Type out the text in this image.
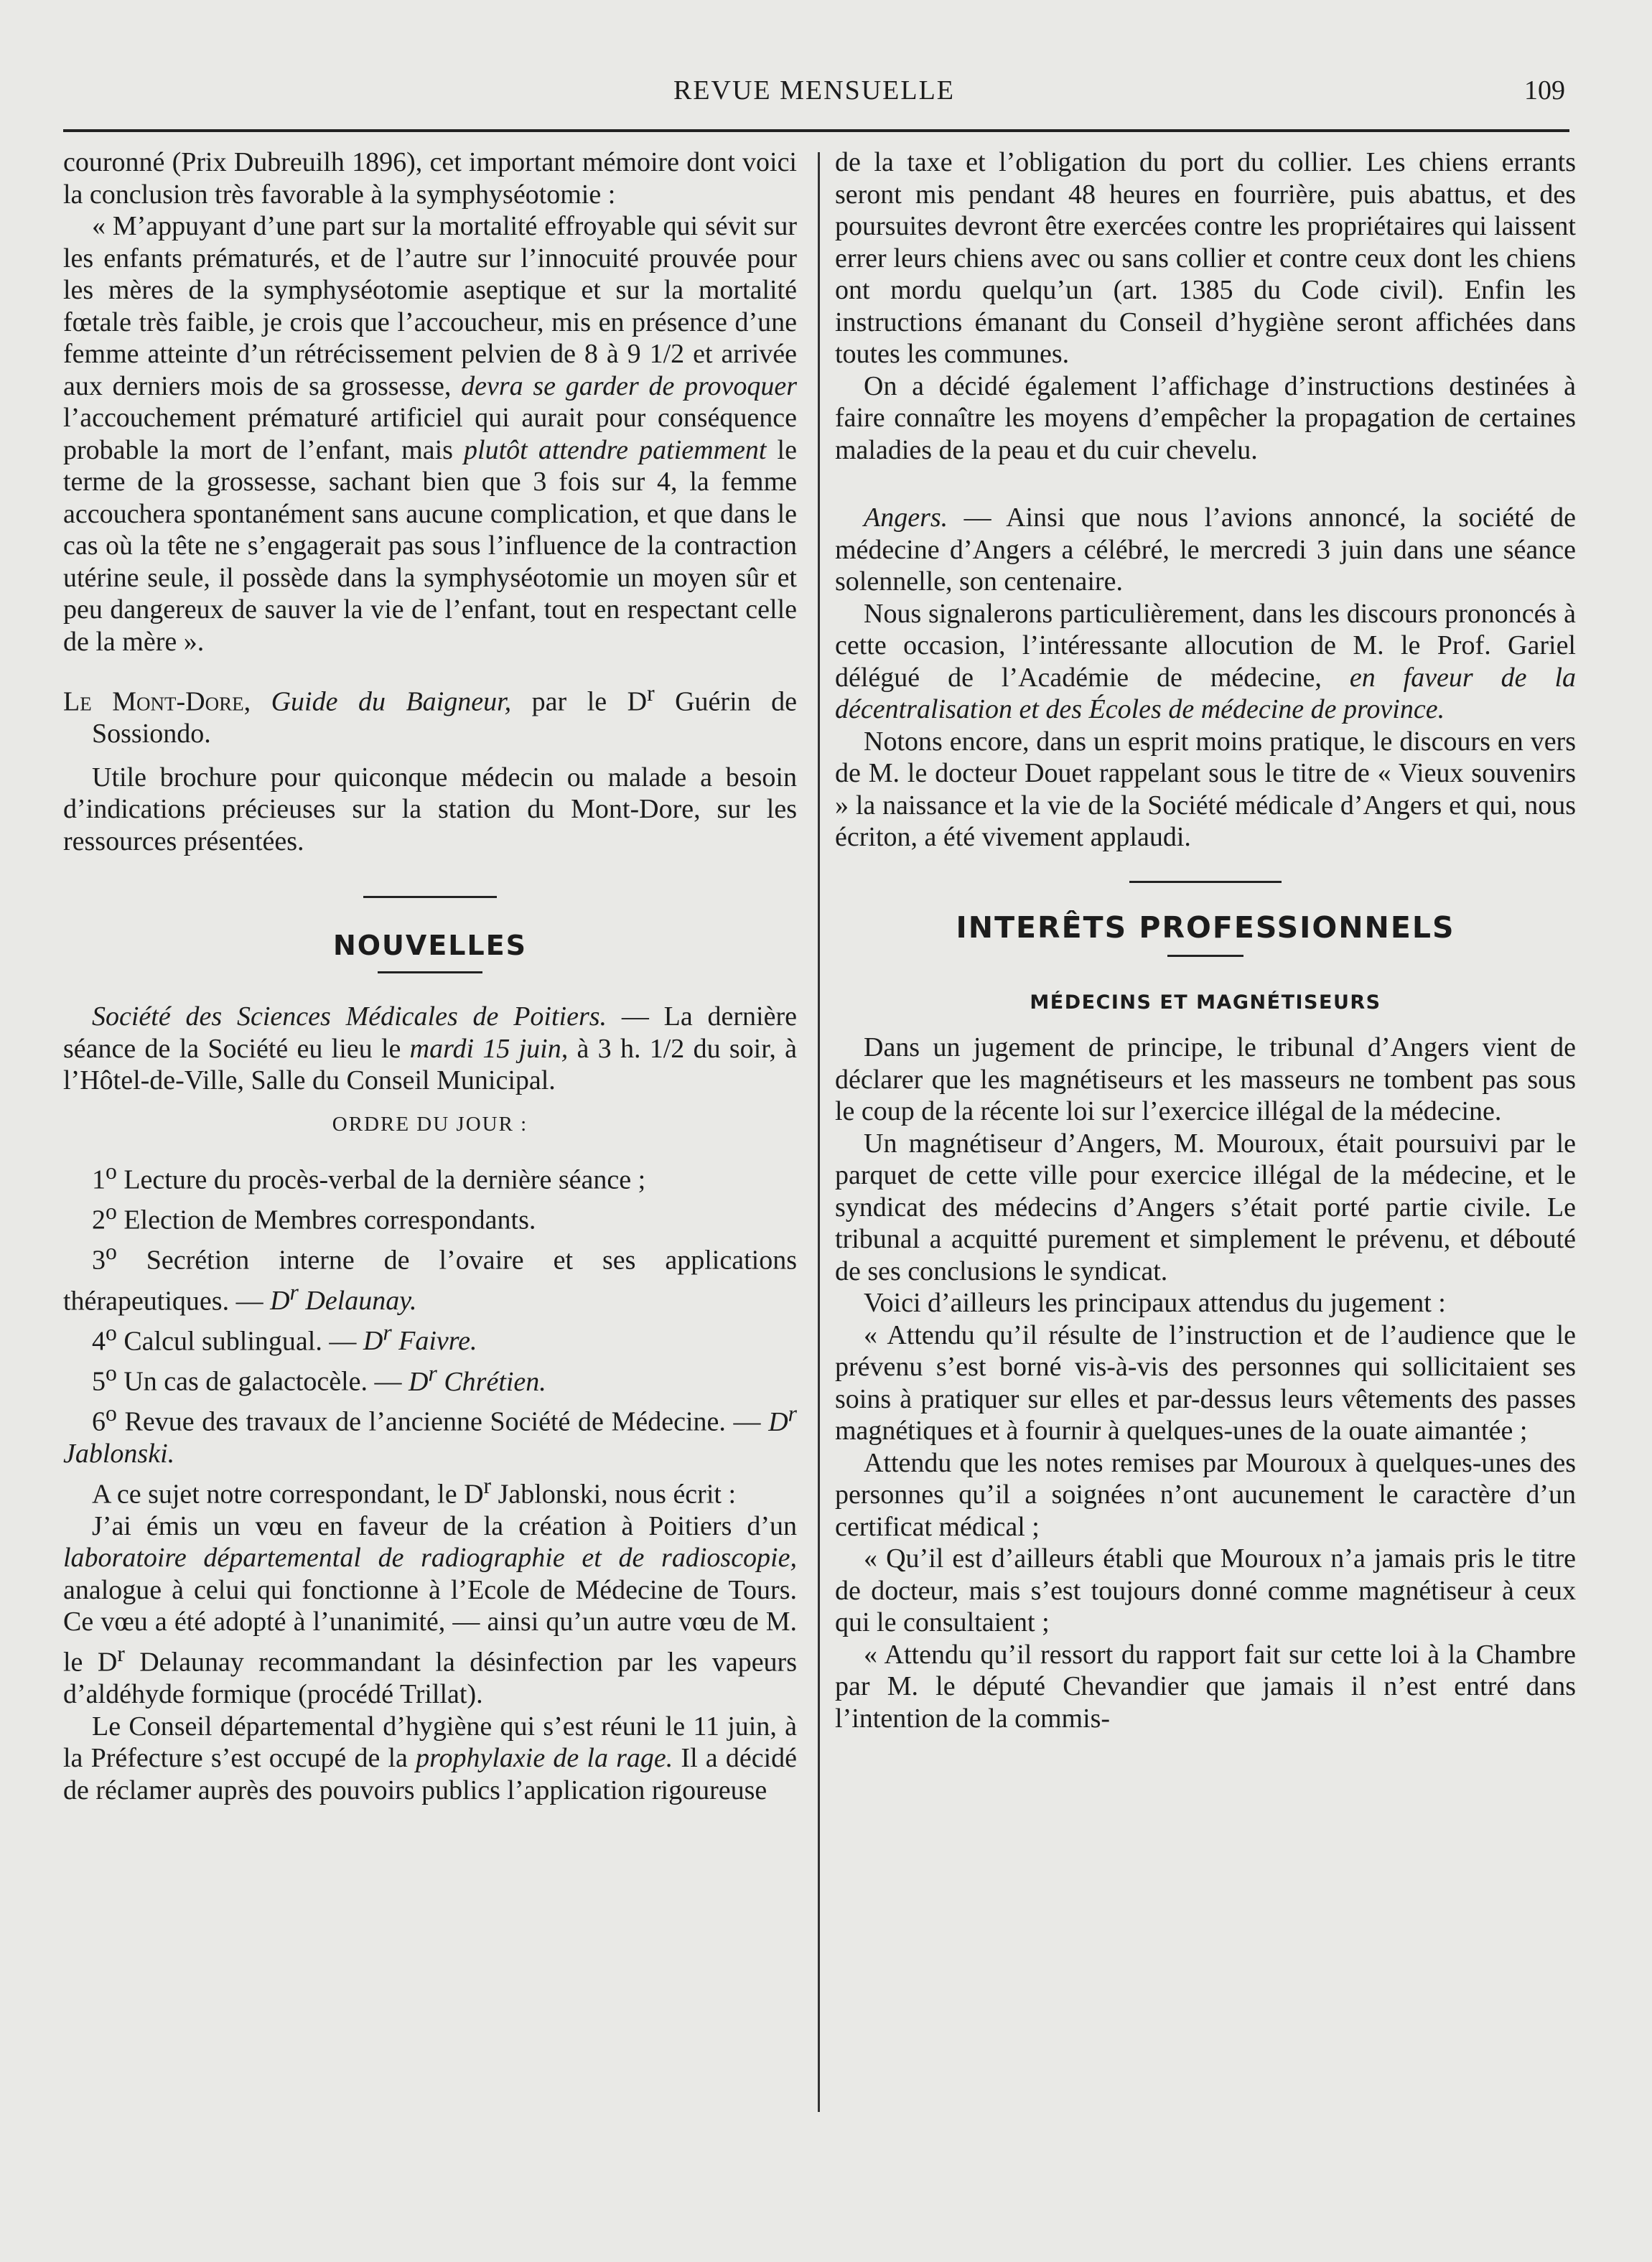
REVUE MENSUELLE	109

couronné (Prix Dubreuilh 1896), cet important mémoire dont voici la conclusion très favorable à la symphyséotomie :

« M’appuyant d’une part sur la mortalité effroyable qui sévit sur les enfants prématurés, et de l’autre sur l’innocuité prouvée pour les mères de la symphyséotomie aseptique et sur la mortalité fœtale très faible, je crois que l’accoucheur, mis en présence d’une femme atteinte d’un rétrécissement pelvien de 8 à 9 1/2 et arrivée aux derniers mois de sa grossesse, devra se garder de provoquer l’accouchement prématuré artificiel qui aurait pour conséquence probable la mort de l’enfant, mais plutôt attendre patiemment le terme de la grossesse, sachant bien que 3 fois sur 4, la femme accouchera spontanément sans aucune complication, et que dans le cas où la tête ne s’engagerait pas sous l’influence de la contraction utérine seule, il possède dans la symphyséotomie un moyen sûr et peu dangereux de sauver la vie de l’enfant, tout en respectant celle de la mère ».

Le Mont-Dore, Guide du Baigneur, par le $D^r$ Guérin de Sossiondo.

Utile brochure pour quiconque médecin ou malade a besoin d’indications précieuses sur la station du Mont-Dore, sur les ressources présentées.

NOUVELLES

Société des Sciences Médicales de Poitiers. — La dernière séance de la Société eu lieu le mardi 15 juin, à 3 h. 1/2 du soir, à l’Hôtel-de-Ville, Salle du Conseil Municipal.

ORDRE DU JOUR :

1$^o$ Lecture du procès-verbal de la dernière séance ;

2$^o$ Election de Membres correspondants.

3$^o$ Secrétion interne de l’ovaire et ses applications thérapeutiques. — $D^r$ Delaunay.

4$^o$ Calcul sublingual. — $D^r$ Faivre.

5$^o$ Un cas de galactocèle. — $D^r$ Chrétien.

6$^o$ Revue des travaux de l’ancienne Société de Médecine. — $D^r$ Jablonski.

A ce sujet notre correspondant, le $D^r$ Jablonski, nous écrit :

J’ai émis un vœu en faveur de la création à Poitiers d’un laboratoire départemental de radiographie et de radioscopie, analogue à celui qui fonctionne à l’Ecole de Médecine de Tours. Ce vœu a été adopté à l’unanimité, — ainsi qu’un autre vœu de M. le $D^r$ Delaunay recommandant la désinfection par les vapeurs d’aldéhyde formique (procédé Trillat).

Le Conseil départemental d’hygiène qui s’est réuni le 11 juin, à la Préfecture s’est occupé de la prophylaxie de la rage. Il a décidé de réclamer auprès des pouvoirs publics l’application rigoureuse

de la taxe et l’obligation du port du collier. Les chiens errants seront mis pendant 48 heures en fourrière, puis abattus, et des poursuites devront être exercées contre les propriétaires qui laissent errer leurs chiens avec ou sans collier et contre ceux dont les chiens ont mordu quelqu’un (art. 1385 du Code civil). Enfin les instructions émanant du Conseil d’hygiène seront affichées dans toutes les communes.

On a décidé également l’affichage d’instructions destinées à faire connaître les moyens d’empêcher la propagation de certaines maladies de la peau et du cuir chevelu.

Angers. — Ainsi que nous l’avions annoncé, la société de médecine d’Angers a célébré, le mercredi 3 juin dans une séance solennelle, son centenaire.

Nous signalerons particulièrement, dans les discours prononcés à cette occasion, l’intéressante allocution de M. le Prof. Gariel délégué de l’Académie de médecine, en faveur de la décentralisation et des Écoles de médecine de province.

Notons encore, dans un esprit moins pratique, le discours en vers de M. le docteur Douet rappelant sous le titre de « Vieux souvenirs » la naissance et la vie de la Société médicale d’Angers et qui, nous écriton, a été vivement applaudi.

INTERÊTS PROFESSIONNELS

MÉDECINS ET MAGNÉTISEURS

Dans un jugement de principe, le tribunal d’Angers vient de déclarer que les magnétiseurs et les masseurs ne tombent pas sous le coup de la récente loi sur l’exercice illégal de la médecine.

Un magnétiseur d’Angers, M. Mouroux, était poursuivi par le parquet de cette ville pour exercice illégal de la médecine, et le syndicat des médecins d’Angers s’était porté partie civile. Le tribunal a acquitté purement et simplement le prévenu, et débouté de ses conclusions le syndicat.

Voici d’ailleurs les principaux attendus du jugement :

« Attendu qu’il résulte de l’instruction et de l’audience que le prévenu s’est borné vis-à-vis des personnes qui sollicitaient ses soins à pratiquer sur elles et par-dessus leurs vêtements des passes magnétiques et à fournir à quelques-unes de la ouate aimantée ;

Attendu que les notes remises par Mouroux à quelques-unes des personnes qu’il a soignées n’ont aucunement le caractère d’un certificat médical ;

« Qu’il est d’ailleurs établi que Mouroux n’a jamais pris le titre de docteur, mais s’est toujours donné comme magnétiseur à ceux qui le consultaient ;

« Attendu qu’il ressort du rapport fait sur cette loi à la Chambre par M. le député Chevandier que jamais il n’est entré dans l’intention de la commis-
